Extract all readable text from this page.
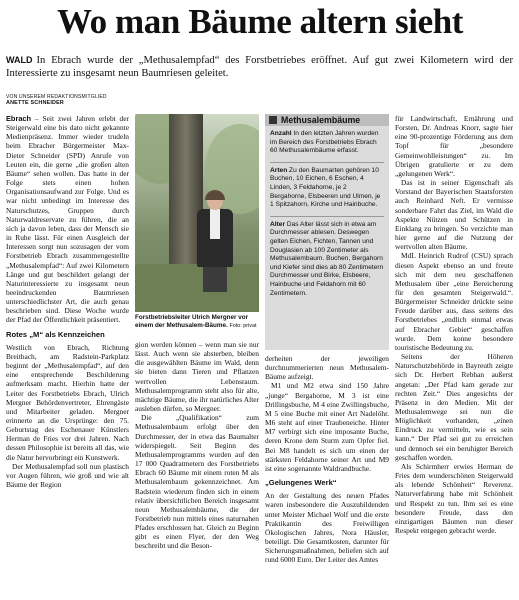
Wo man Bäume altern sieht
WALD In Ebrach wurde der „Methusalempfad“ des Forstbetriebes eröffnet. Auf gut zwei Kilometern wird der Interessierte zu insgesamt neun Baumriesen geleitet.
VON UNSEREM REDAKTIONSMITGLIED
ANETTE SCHNEIDER

Ebrach – Seit zwei Jahren erlebt der Steigerwald eine bis dato nicht gekannte Medienpräsenz. Immer wieder trudeln beim Ebracher Bürgermeister Max-Dieter Schneider (SPD) Anrufe von Leuten ein, die gerne „die großen alten Bäume“ sehen wollen. Das hatte in der Folge stets einen hohen Organisationsaufwand zur Folge. Und es war nicht unbedingt im Interesse des Naturschutzes, Gruppen durch Naturwaldreservate zu führen, die an sich ja davon leben, dass der Mensch sie in Ruhe lässt. Für einen Ausgleich der Interessen sorgt nun sozusagen der vom Forstbetrieb Ebrach zusammengestellte „Methusalempfad“: Auf zwei Kilometern Länge und gut beschildert gelangt der Naturinteressierte zu insgesamt neun beeindruckenden Baumriesen unterschiedlichster Art, die auch genau beschrieben sind. Diese Woche wurde der Pfad der Öffentlichkeit präsentiert.

Rotes „M“ als Kennzeichen

Westlich von Ebrach, Richtung Breitbach, am Radstein-Parkplatz beginnt der „Methusalempfad“, auf den eine entsprechende Beschilderung aufmerksam macht. Hierhin hatte der Leiter des Forstbetriebs Ebrach, Ulrich Mergner Behördenvertreter, Ehrengäste und Mitarbeiter geladen. Mergner erinnerte an die Ursprünge: den 75. Geburtstag des Eschenauer Künstlers Herman de Fries vor drei Jahren. Nach dessen Philosophie ist bereits all das, wie die Natur hervorbringt ein Kunstwerk.

Der Methusalempfad soll nun plastisch vor Augen führen, wie groß und wie alt Bäume der Region

Forstbetriebsleiter Ulrich Mergner vor einem der Methusalem-Bäume. Foto: privat

gion werden können – wenn man sie nur lässt. Auch wenn sie absterben, bleiben die ausgewählten Bäume im Wald, denn sie bieten dann Tieren und Pflanzen wertvollen Lebensraum. Methusalemprogramm steht also für alte, mächtige Bäume, die ihr natürliches Alter ausleben dürfen, so Mergner.

Die „Qualifikation“ zum Methusalembaum erfolgt über den Durchmesser, der in etwa das Baumalter widerspiegelt. Seit Beginn des Methusalemprogramms wurden auf den 17 000 Quadratmetern des Forstbetriebs Ebrach 60 Bäume mit einem roten M als Methusalembaum gekennzeichnet. Am Radstein wiederum finden sich in einem relativ übersichtlichen Bereich insgesamt neun Methusalembäume, die der Forstbetrieb nun mittels eines naturnahen Pfades erschlossen hat. Gleich zu Beginn gibt es einen Flyer, der den Weg beschreibt und die Beson-

Methusalembäume

Anzahl In den letzten Jahren wurden im Bereich des Forstbetriebs Ebrach 60 Methusalembäume erfasst.

Arten Zu den Baumarten gehören 10 Buchen, 10 Eichen, 6 Eschen, 4 Linden, 3 Feldahorne, je 2 Bergahorne, Elsbeeren und Ulmen, je 1 Spitzahorn, Kirche und Hainbuche.

Alter Das Alter lässt sich in etwa am Durchmesser ablesen. Deswegen gelten Eichen, Fichten, Tannen und Douglasien ab 100 Zentimeter als Methusalembaum. Buchen, Bergahorn und Kiefer sind dies ab 80 Zentimetern Durchmesser und Birke, Elsbeere, Hainbuche und Feldahorn mit 60 Zentimetern.

derheiten der jeweiligen durchnummerierten neun Methusalem-Bäume aufzeigt.

M1 und M2 etwa sind 150 Jahre „junge“ Bergahorne, M 3 ist eine Drillingsbuche, M 4 eine Zwillingsbuche, M 5 eine Buche mit einer Art Nadelöhr. M6 steht auf einer Traubeneiche. Hinter M7 verbirgt sich eine imposante Buche, deren Krone dem Sturm zum Opfer fiel. Bei M8 handelt es sich um einen der stärksten Feldahorne seiner Art und M9 ist eine sogenannte Waldrandbuche.

„Gelungenes Werk“

An der Gestaltung des neuen Pfades waren insbesondere die Auszubildenden unter Meister Michael Wolf und die erste Praktikantin des Freiwilligen Ökologischen Jahres, Nora Häusler, beteiligt. Die Gesamtkosten, darunter für Sicherungsmaßnahmen, beliefen sich auf rund 6000 Euro. Der Leiter des Amtes

für Landwirtschaft, Ernährung und Forsten, Dr. Andreas Knorr, sagte hier eine 90-prozentige Förderung aus dem Topf für „besondere Gemeinwohlleistungen“ zu. Im Übrigen gratulierte er zu dem „gelungenen Werk“.

Das ist in seiner Eigenschaft als Vorstand der Bayerischen Staatsforsten auch Reinhard Neft. Er vermisse sonderbare Fahrt das Ziel, im Wald die Aspekte Nützen und Schützen in Einklang zu bringen. So verzichte man hier gerne auf die Nutzung der wertvollen alten Bäume.

MdL Heinrich Rudrof (CSU) sprach diesen Aspekt ebenso an und freute sich mit dem neu geschaffenen Methusalem über „eine Bereicherung für den gesamten Steigerwald.“. Bürgermeister Schneider drückte seine Freude darüber aus, dass seitens des Forstbetriebes „endlich einmal etwas auf Ebracher Gebiet“ geschaffen wurde. Dem konne besondere touristische Bedeutung zu.

Seitens der Höheren Naturschutzbehörde in Bayreuth zeigte sich Dr. Herbert Rebhan außerst angetan: „Der Pfad kam gerade zur rechten Zeit.“ Dies angesichts der Präsenz in den Medien. Mit der Methusalemwege sei nun die Möglichkeit vorhanden, „einen Eindruck zu vermitteln, wie es sein kann.“ Der Pfad sei gut zu erreichen und dennoch sei ein beruhigter Bereich geschaffen worden.

Als Schirmherr erwies Herman de Fries dem wunderschönen Steigerwald als lebende Schönheit“ Reverenz. Naturverfahrung habe mit Schönheit und Respekt zu tun. Ihm sei es eine besondere Freude, dass den einzigartigen Bäumen nun dieser Respekt entgegen gebracht werde.
